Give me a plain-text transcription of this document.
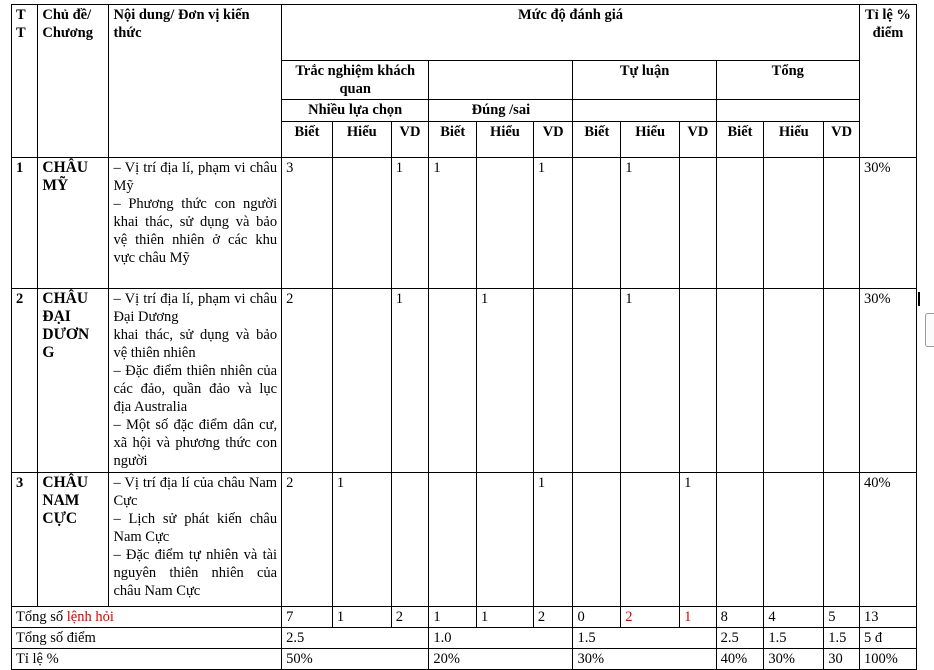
T T	Chủ đề/ Chương	Nội dung/ Đơn vị kiến thức	Mức độ đánh giá												Tỉ lệ % điểm
			Trắc nghiệm khách quan						Tự luận			Tổng			
			Nhiều lựa chọn			Đúng /sai									
			Biết	Hiểu	VD	Biết	Hiểu	VD	Biết	Hiểu	VD	Biết	Hiểu	VD	
1	CHÂU MỸ	– Vị trí địa lí, phạm vi châu Mỹ
– Phương thức con người khai thác, sử dụng và bảo vệ thiên nhiên ở các khu vực châu Mỹ	3		1	1		1		1					30%
2	CHÂU ĐẠI DƯƠN G	– Vị trí địa lí, phạm vi châu Đại Dương
khai thác, sử dụng và bảo vệ thiên nhiên
– Đặc điểm thiên nhiên của các đảo, quần đảo và lục địa Australia
– Một số đặc điểm dân cư, xã hội và phương thức con người	2		1		1			1					30%
3	CHÂU NAM CỰC	– Vị trí địa lí của châu Nam Cực
– Lịch sử phát kiến châu Nam Cực
– Đặc điểm tự nhiên và tài nguyên thiên nhiên của châu Nam Cực	2	1				1			1				40%
Tổng số lệnh hỏi			7	1	2	1	1	2	0	2	1	8	4	5	13
Tổng số điểm			2.5			1.0			1.5			2.5	1.5	1.5	5 đ
Tỉ lệ %			50%			20%			30%			40%	30%	30	100%
